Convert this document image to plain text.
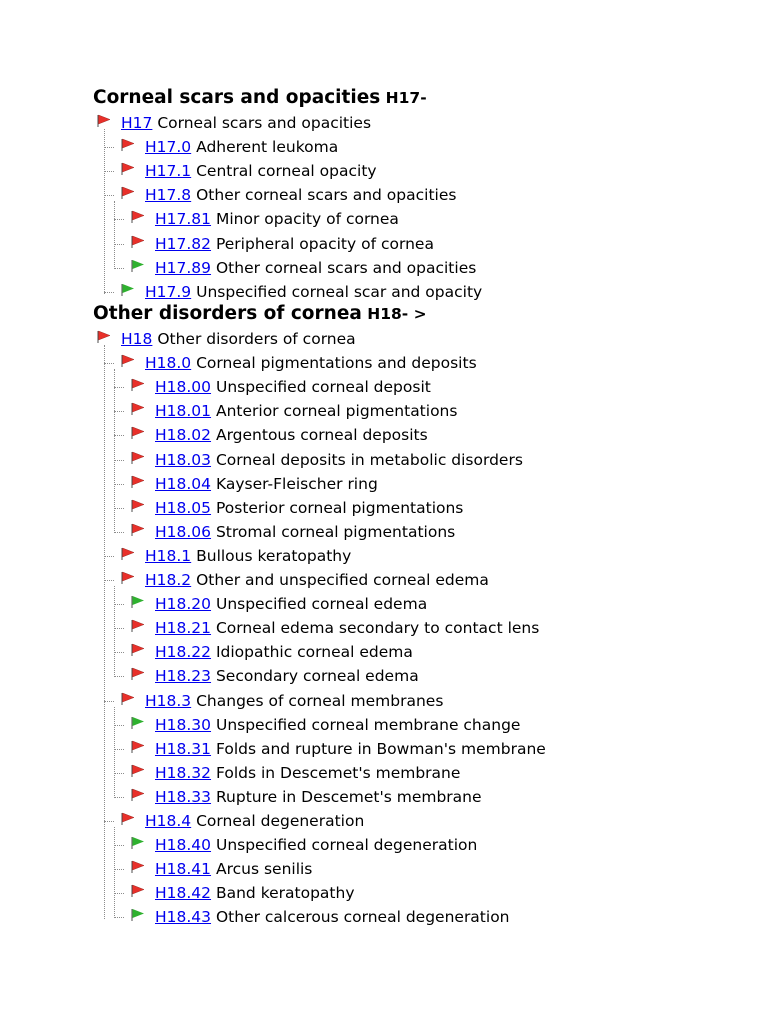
Corneal scars and opacities H17-
H17 Corneal scars and opacities
H17.0 Adherent leukoma
H17.1 Central corneal opacity
H17.8 Other corneal scars and opacities
H17.81 Minor opacity of cornea
H17.82 Peripheral opacity of cornea
H17.89 Other corneal scars and opacities
H17.9 Unspecified corneal scar and opacity
Other disorders of cornea H18- >
H18 Other disorders of cornea
H18.0 Corneal pigmentations and deposits
H18.00 Unspecified corneal deposit
H18.01 Anterior corneal pigmentations
H18.02 Argentous corneal deposits
H18.03 Corneal deposits in metabolic disorders
H18.04 Kayser-Fleischer ring
H18.05 Posterior corneal pigmentations
H18.06 Stromal corneal pigmentations
H18.1 Bullous keratopathy
H18.2 Other and unspecified corneal edema
H18.20 Unspecified corneal edema
H18.21 Corneal edema secondary to contact lens
H18.22 Idiopathic corneal edema
H18.23 Secondary corneal edema
H18.3 Changes of corneal membranes
H18.30 Unspecified corneal membrane change
H18.31 Folds and rupture in Bowman's membrane
H18.32 Folds in Descemet's membrane
H18.33 Rupture in Descemet's membrane
H18.4 Corneal degeneration
H18.40 Unspecified corneal degeneration
H18.41 Arcus senilis
H18.42 Band keratopathy
H18.43 Other calcerous corneal degeneration
